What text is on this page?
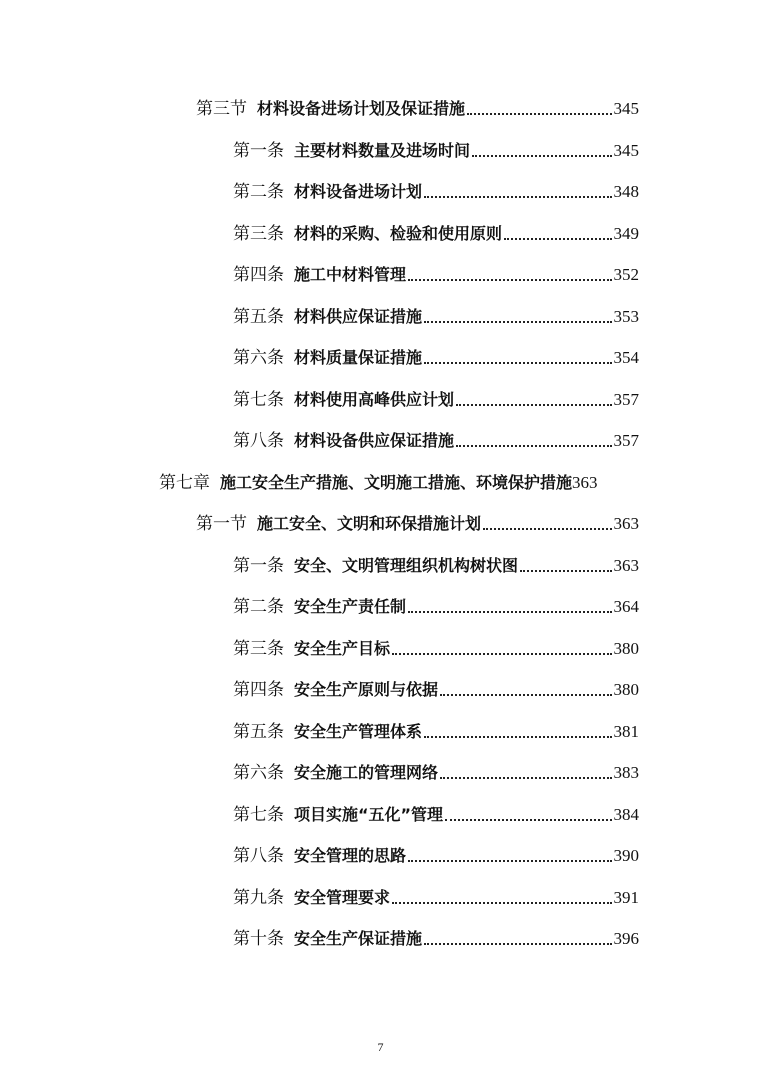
第三节 材料设备进场计划及保证措施	345
第一条 主要材料数量及进场时间	345
第二条 材料设备进场计划	348
第三条 材料的采购、检验和使用原则	349
第四条 施工中材料管理	352
第五条 材料供应保证措施	353
第六条 材料质量保证措施	354
第七条 材料使用高峰供应计划	357
第八条 材料设备供应保证措施	357
第七章 施工安全生产措施、文明施工措施、环境保护措施 363
第一节 施工安全、文明和环保措施计划	363
第一条 安全、文明管理组织机构树状图	363
第二条 安全生产责任制	364
第三条 安全生产目标	380
第四条 安全生产原则与依据	380
第五条 安全生产管理体系	381
第六条 安全施工的管理网络	383
第七条 项目实施“五化”管理	384
第八条 安全管理的思路	390
第九条 安全管理要求	391
第十条 安全生产保证措施	396
7
